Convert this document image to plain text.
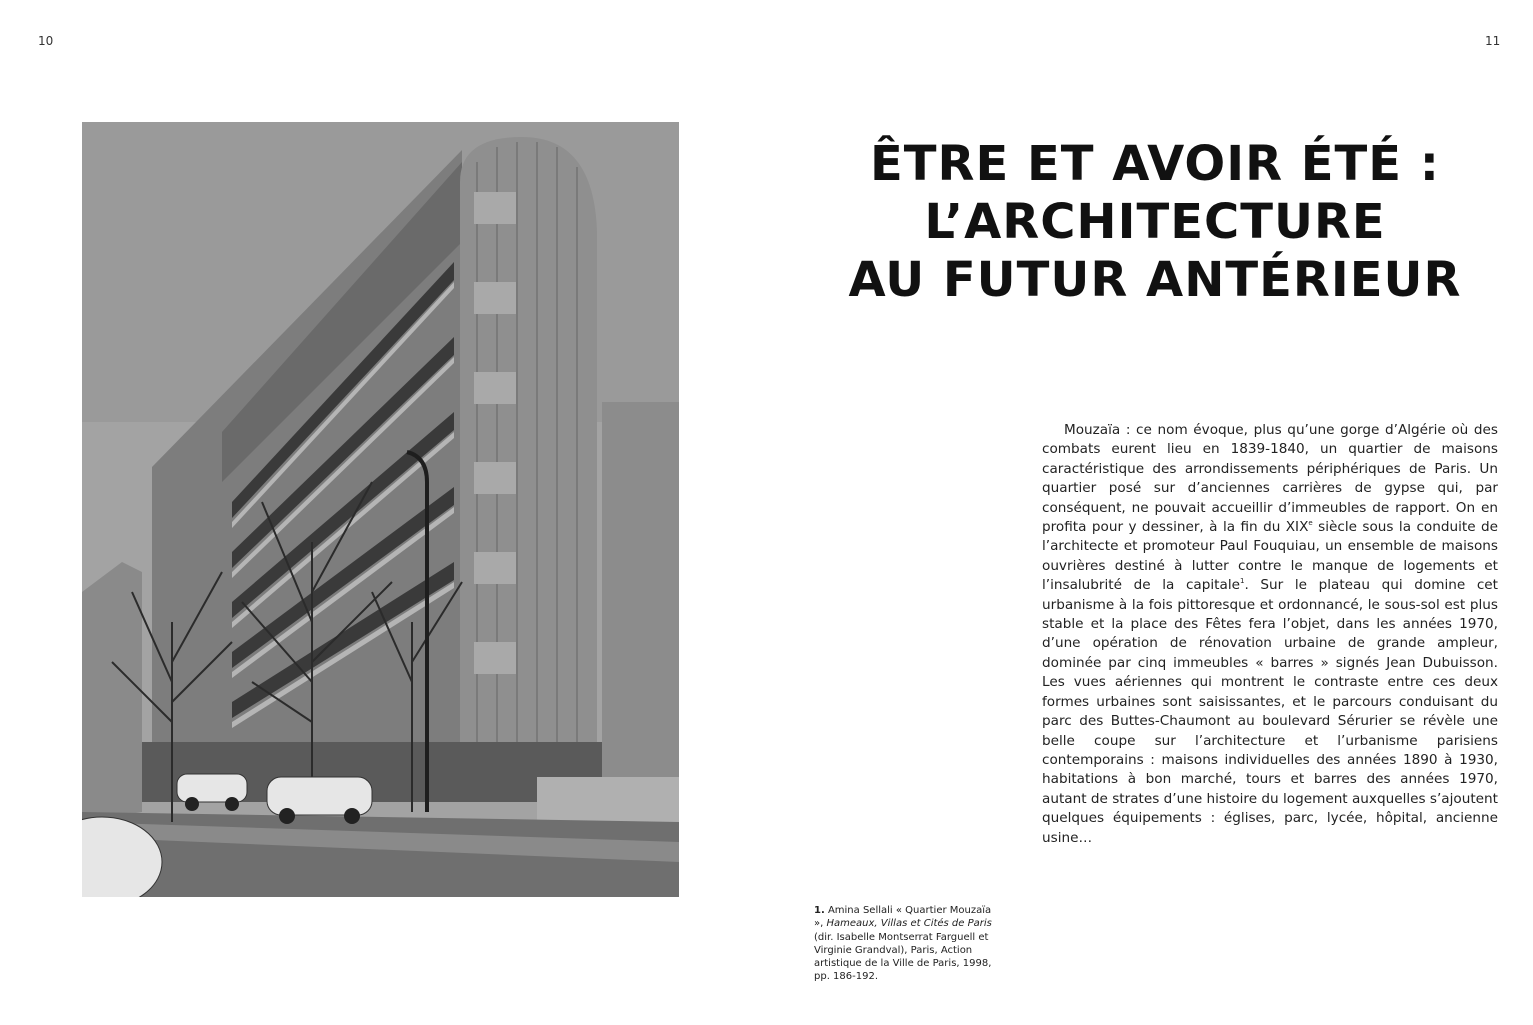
10	11
ÊTRE ET AVOIR ÉTÉ :
L’ARCHITECTURE
AU FUTUR ANTÉRIEUR

Mouzaïa : ce nom évoque, plus qu’une gorge d’Algérie où des combats eurent lieu en 1839-1840, un quartier de maisons caractéristique des arrondissements périphériques de Paris. Un quartier posé sur d’anciennes carrières de gypse qui, par conséquent, ne pouvait accueillir d’immeubles de rapport. On en profita pour y dessiner, à la fin du XIXe siècle sous la conduite de l’architecte et promoteur Paul Fouquiau, un ensemble de maisons ouvrières destiné à lutter contre le manque de logements et l’insalubrité de la capitale$^1$. Sur le plateau qui domine cet urbanisme à la fois pittoresque et ordonnancé, le sous-sol est plus stable et la place des Fêtes fera l’objet, dans les années 1970, d’une opération de rénovation urbaine de grande ampleur, dominée par cinq immeubles « barres » signés Jean Dubuisson. Les vues aériennes qui montrent le contraste entre ces deux formes urbaines sont saisissantes, et le parcours conduisant du parc des Buttes-Chaumont au boulevard Sérurier se révèle une belle coupe sur l’architecture et l’urbanisme parisiens contemporains : maisons individuelles des années 1890 à 1930, habitations à bon marché, tours et barres des années 1970, autant de strates d’une histoire du logement auxquelles s’ajoutent quelques équipements : églises, parc, lycée, hôpital, ancienne usine…

1. Amina Sellali « Quartier Mouzaïa », Hameaux, Villas et Cités de Paris (dir. Isabelle Montserrat Farguell et Virginie Grandval), Paris, Action artistique de la Ville de Paris, 1998, pp. 186-192.
